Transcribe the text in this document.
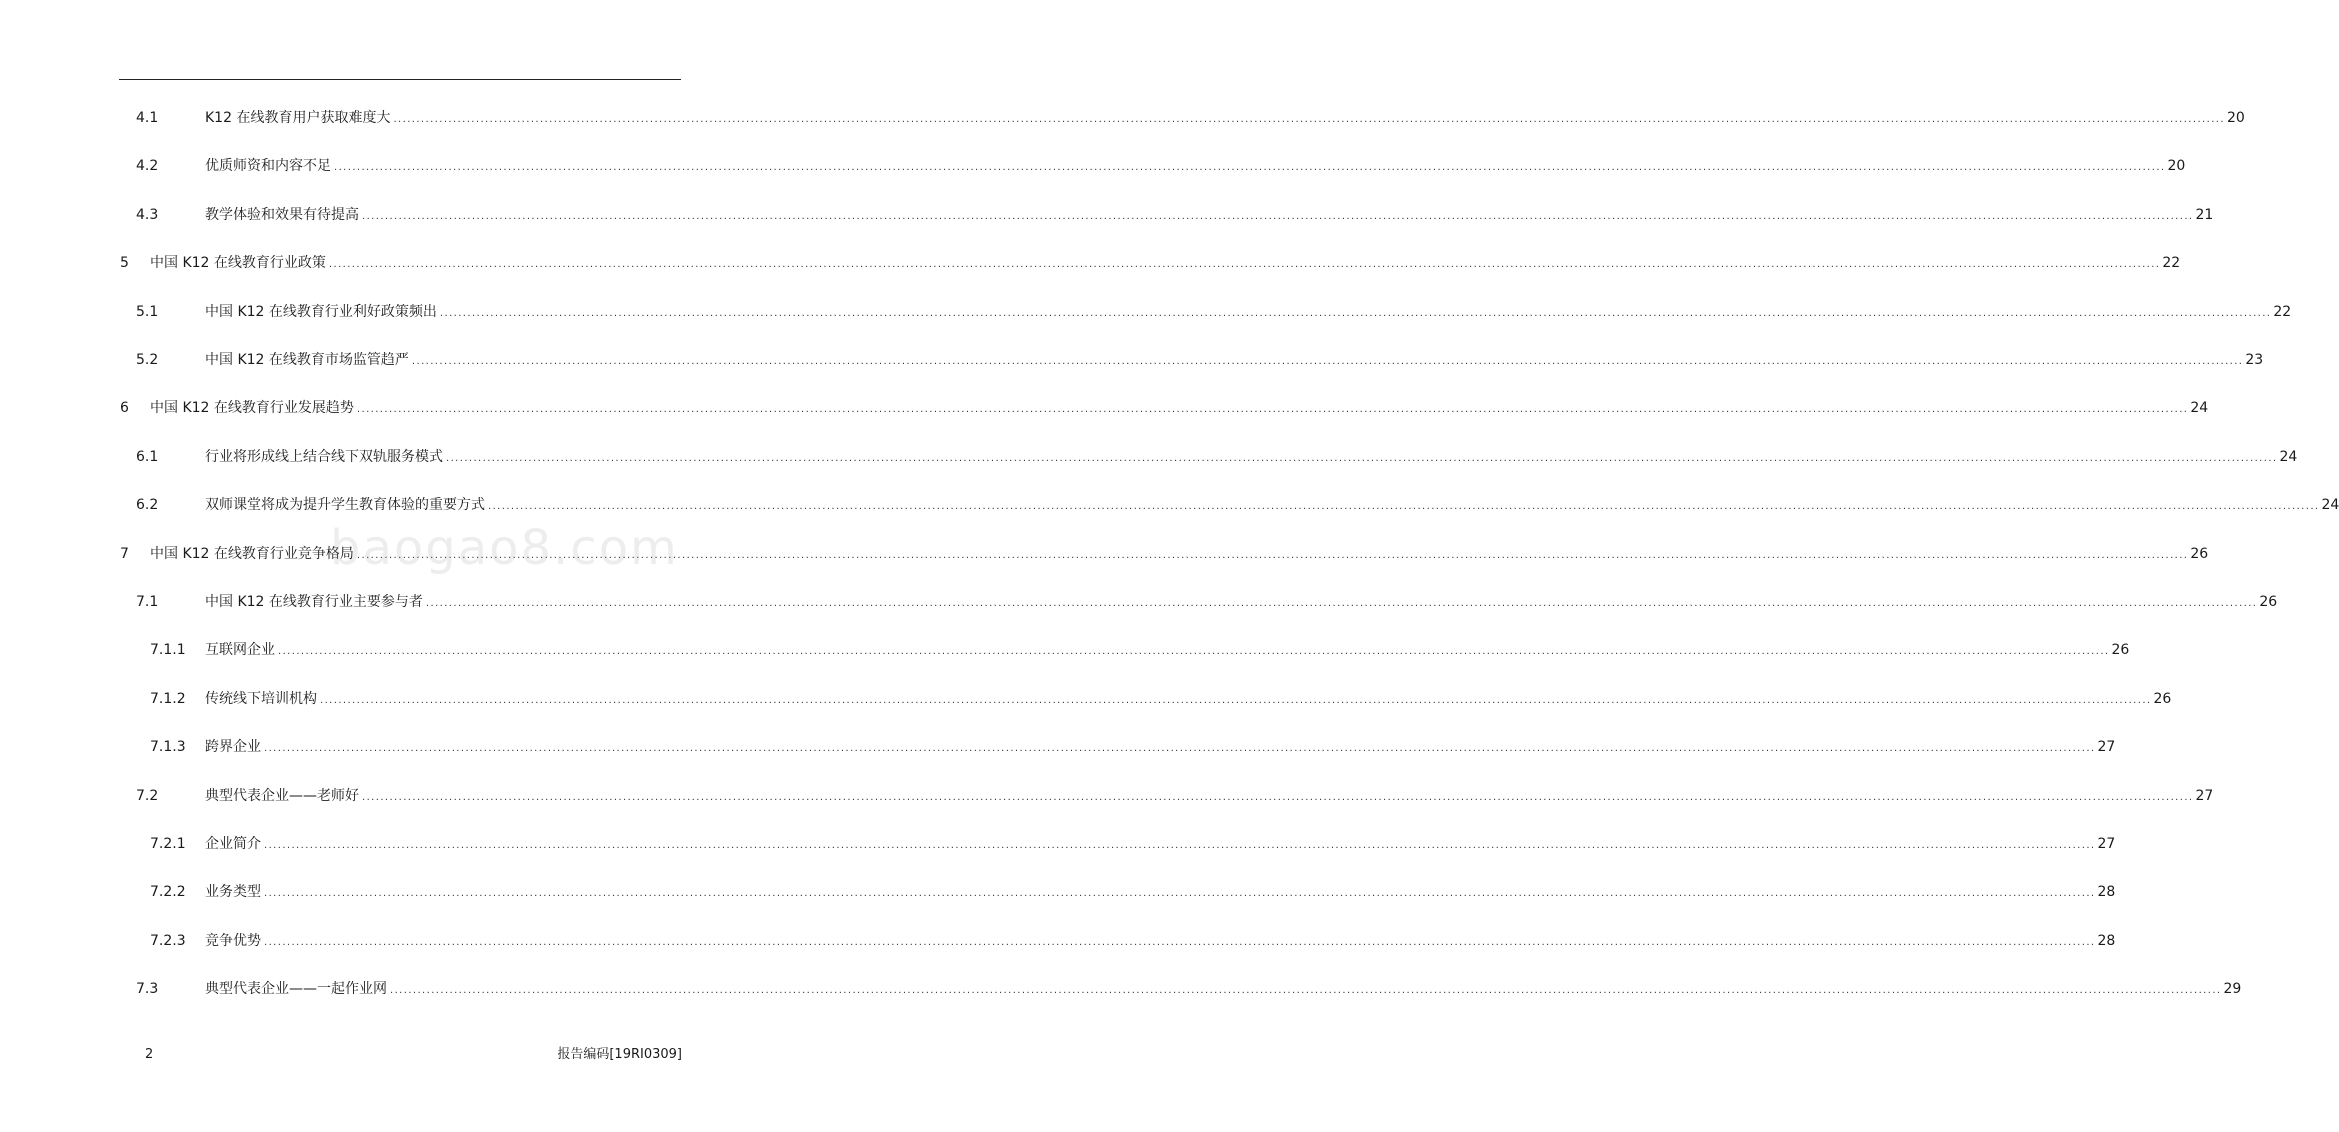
4.1	K12 在线教育用户获取难度大 ................................................................................................................................................................................................................................................................................................................................................................................................................ 20
4.2	优质师资和内容不足 ................................................................................................................................................................................................................................................................................................................................................................................................................ 20
4.3	教学体验和效果有待提高 ................................................................................................................................................................................................................................................................................................................................................................................................................ 21
5 中国 K12 在线教育行业政策 ................................................................................................................................................................................................................................................................................................................................................................................................................ 22
5.1	中国 K12 在线教育行业利好政策频出 ................................................................................................................................................................................................................................................................................................................................................................................................................ 22
5.2	中国 K12 在线教育市场监管趋严 ................................................................................................................................................................................................................................................................................................................................................................................................................ 23
6 中国 K12 在线教育行业发展趋势 ................................................................................................................................................................................................................................................................................................................................................................................................................ 24
6.1	行业将形成线上结合线下双轨服务模式 ................................................................................................................................................................................................................................................................................................................................................................................................................ 24
6.2	双师课堂将成为提升学生教育体验的重要方式 ................................................................................................................................................................................................................................................................................................................................................................................................................ 24
7 中国 K12 在线教育行业竞争格局 ................................................................................................................................................................................................................................................................................................................................................................................................................ 26
7.1	中国 K12 在线教育行业主要参与者 ................................................................................................................................................................................................................................................................................................................................................................................................................ 26
7.1.1 互联网企业 ................................................................................................................................................................................................................................................................................................................................................................................................................ 26
7.1.2 传统线下培训机构 ................................................................................................................................................................................................................................................................................................................................................................................................................ 26
7.1.3 跨界企业 ................................................................................................................................................................................................................................................................................................................................................................................................................ 27
7.2	典型代表企业——老师好 ................................................................................................................................................................................................................................................................................................................................................................................................................ 27
7.2.1 企业简介 ................................................................................................................................................................................................................................................................................................................................................................................................................ 27
7.2.2 业务类型 ................................................................................................................................................................................................................................................................................................................................................................................................................ 28
7.2.3 竞争优势 ................................................................................................................................................................................................................................................................................................................................................................................................................ 28
7.3	典型代表企业——一起作业网 ................................................................................................................................................................................................................................................................................................................................................................................................................ 29
baogao8.com
2	报告编码[19RI0309]
